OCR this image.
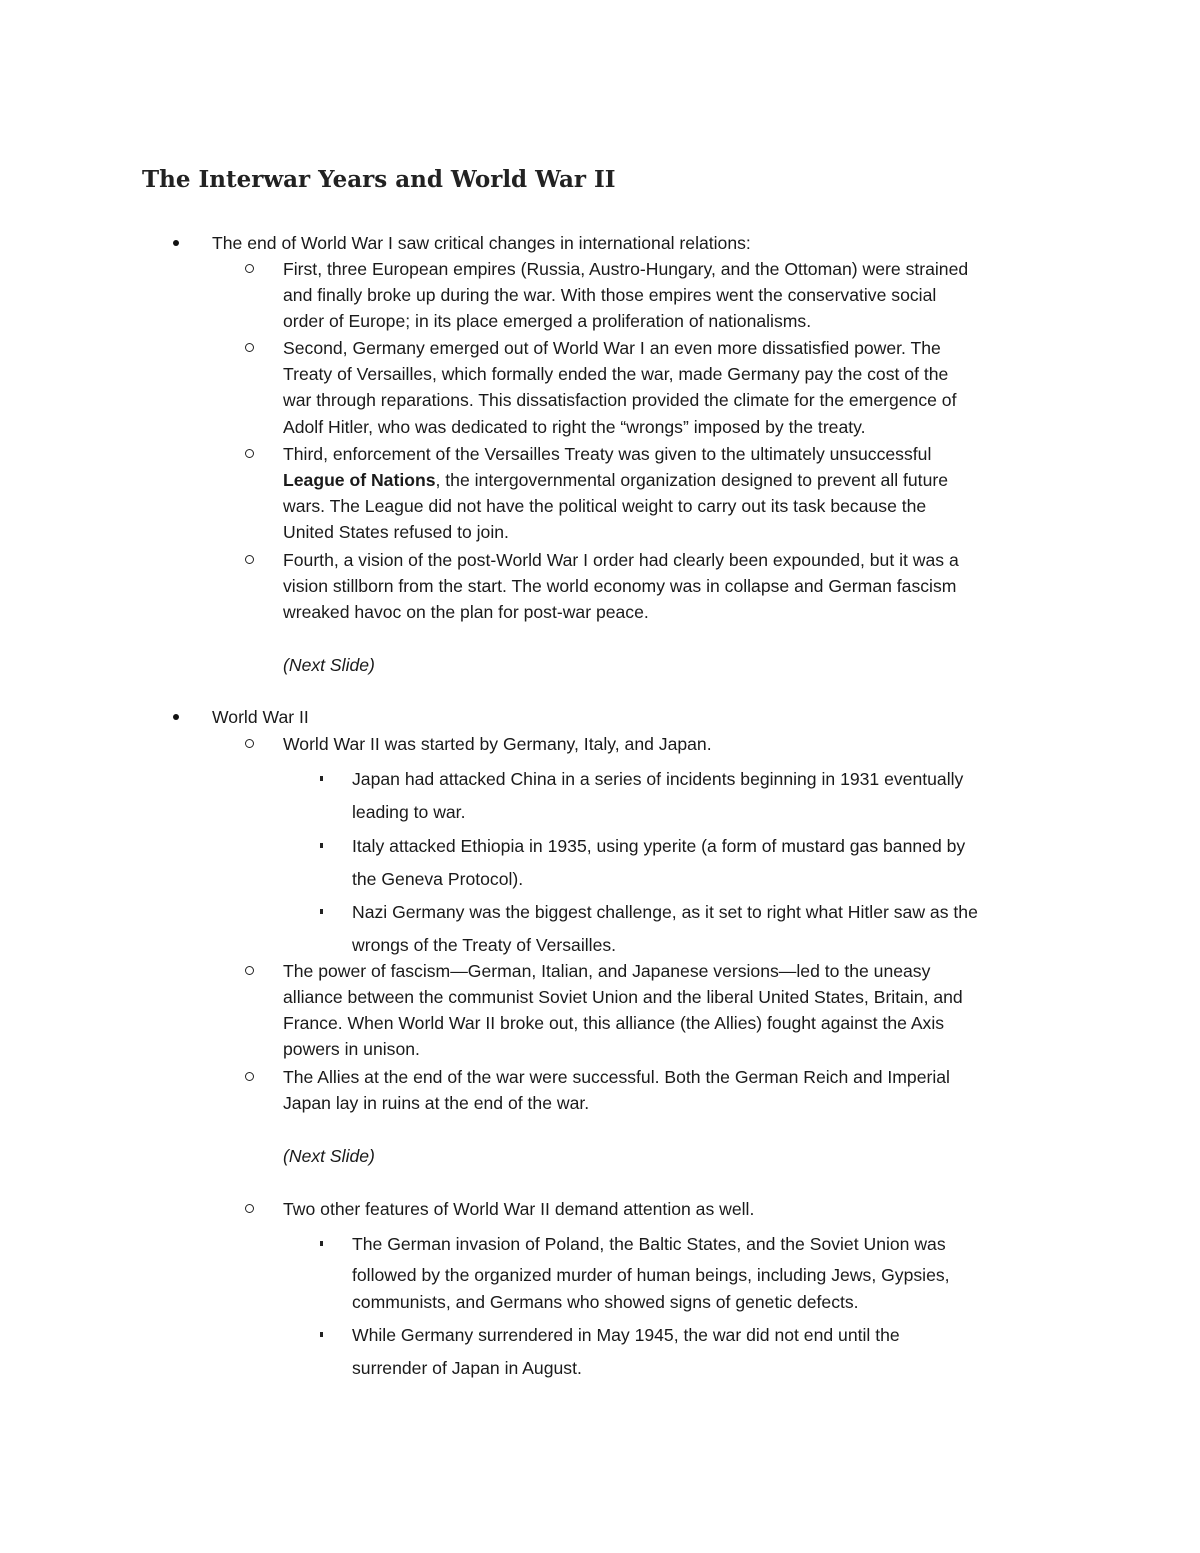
The Interwar Years and World War II
The end of World War I saw critical changes in international relations:
First, three European empires (Russia, Austro-Hungary, and the Ottoman) were strained
and finally broke up during the war. With those empires went the conservative social
order of Europe; in its place emerged a proliferation of nationalisms.
Second, Germany emerged out of World War I an even more dissatisfied power. The
Treaty of Versailles, which formally ended the war, made Germany pay the cost of the
war through reparations. This dissatisfaction provided the climate for the emergence of
Adolf Hitler, who was dedicated to right the “wrongs” imposed by the treaty.
Third, enforcement of the Versailles Treaty was given to the ultimately unsuccessful
League of Nations, the intergovernmental organization designed to prevent all future
wars. The League did not have the political weight to carry out its task because the
United States refused to join.
Fourth, a vision of the post-World War I order had clearly been expounded, but it was a
vision stillborn from the start. The world economy was in collapse and German fascism
wreaked havoc on the plan for post-war peace.
(Next Slide)
World War II
World War II was started by Germany, Italy, and Japan.
Japan had attacked China in a series of incidents beginning in 1931 eventually
leading to war.
Italy attacked Ethiopia in 1935, using yperite (a form of mustard gas banned by
the Geneva Protocol).
Nazi Germany was the biggest challenge, as it set to right what Hitler saw as the
wrongs of the Treaty of Versailles.
The power of fascism—German, Italian, and Japanese versions—led to the uneasy
alliance between the communist Soviet Union and the liberal United States, Britain, and
France. When World War II broke out, this alliance (the Allies) fought against the Axis
powers in unison.
The Allies at the end of the war were successful. Both the German Reich and Imperial
Japan lay in ruins at the end of the war.
(Next Slide)
Two other features of World War II demand attention as well.
The German invasion of Poland, the Baltic States, and the Soviet Union was
followed by the organized murder of human beings, including Jews, Gypsies,
communists, and Germans who showed signs of genetic defects.
While Germany surrendered in May 1945, the war did not end until the
surrender of Japan in August.
